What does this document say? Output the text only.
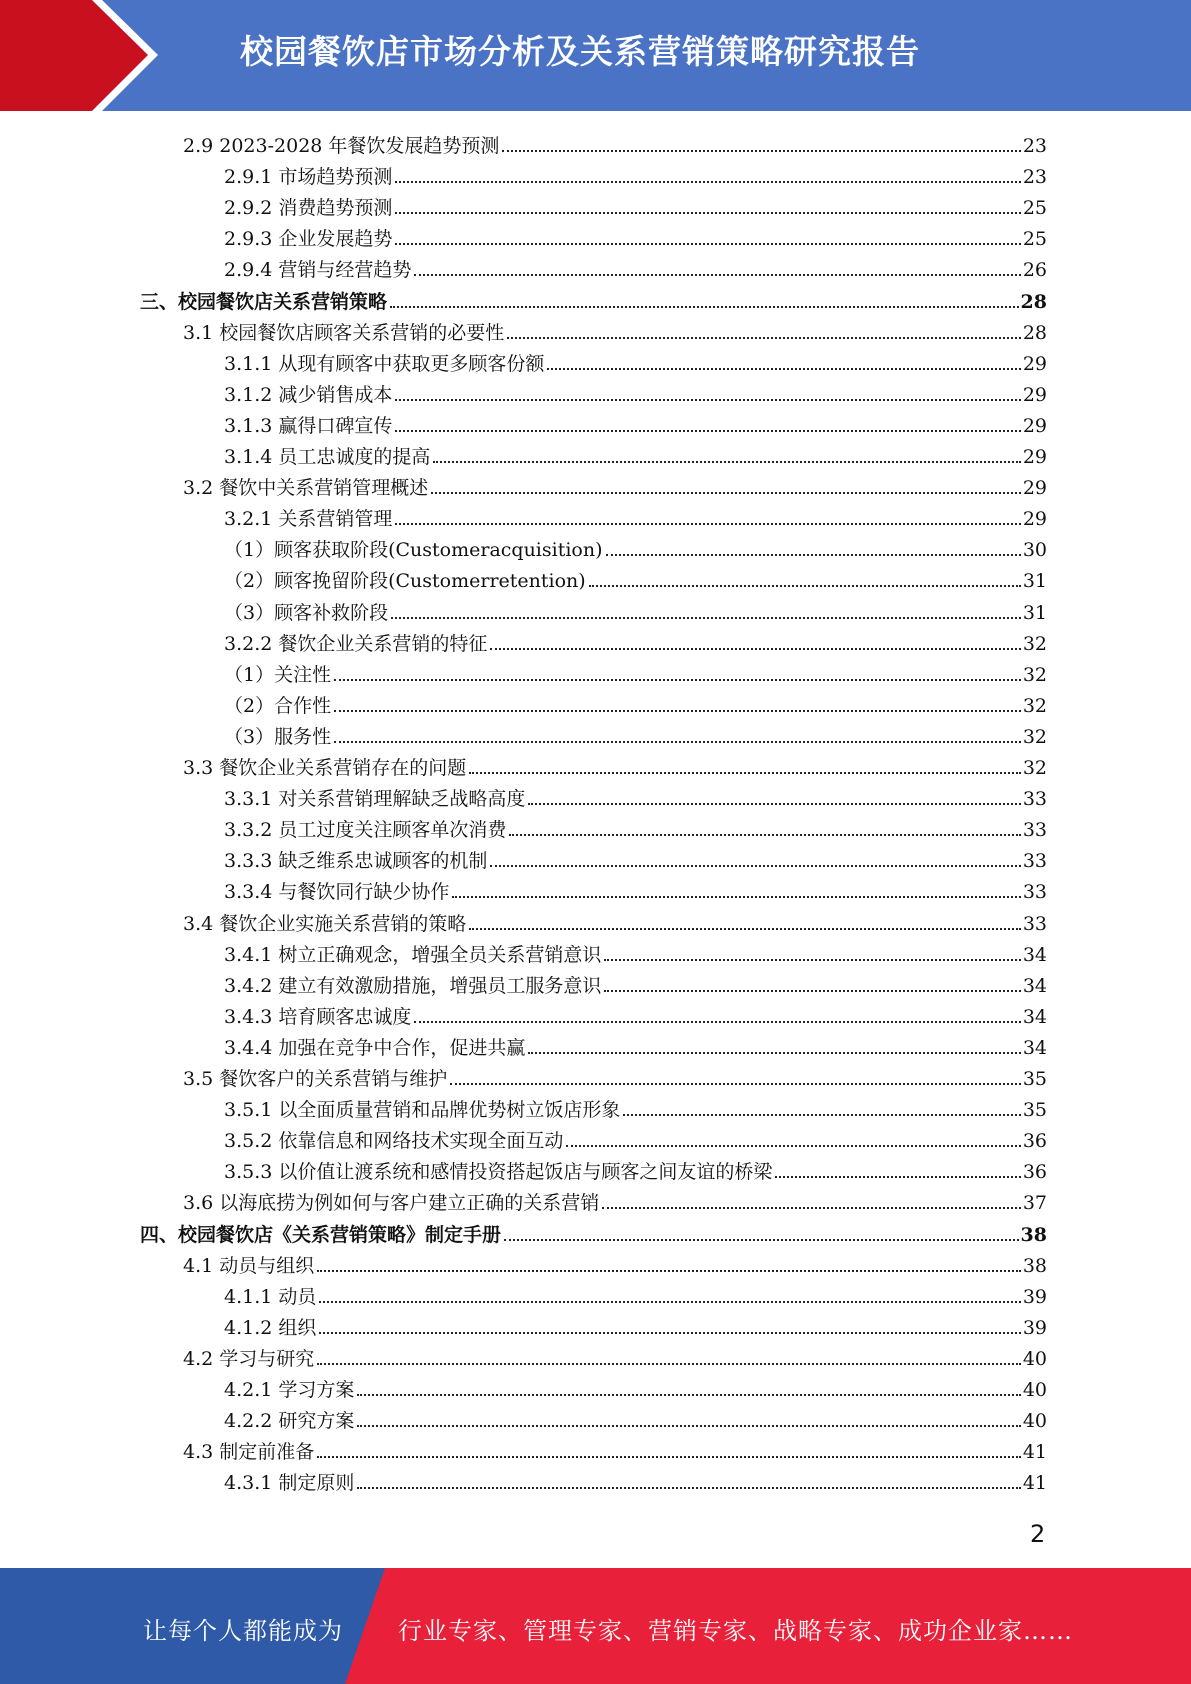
校园餐饮店市场分析及关系营销策略研究报告
2.9 2023-2028 年餐饮发展趋势预测	23
2.9.1 市场趋势预测	23
2.9.2 消费趋势预测	25
2.9.3 企业发展趋势	25
2.9.4 营销与经营趋势	26
三、校园餐饮店关系营销策略	28
3.1 校园餐饮店顾客关系营销的必要性	28
3.1.1 从现有顾客中获取更多顾客份额	29
3.1.2 减少销售成本	29
3.1.3 赢得口碑宣传	29
3.1.4 员工忠诚度的提高	29
3.2 餐饮中关系营销管理概述	29
3.2.1 关系营销管理	29
（1）顾客获取阶段(Customeracquisition)	30
（2）顾客挽留阶段(Customerretention)	31
（3）顾客补救阶段	31
3.2.2 餐饮企业关系营销的特征	32
（1）关注性	32
（2）合作性	32
（3）服务性	32
3.3 餐饮企业关系营销存在的问题	32
3.3.1 对关系营销理解缺乏战略高度	33
3.3.2 员工过度关注顾客单次消费	33
3.3.3 缺乏维系忠诚顾客的机制	33
3.3.4 与餐饮同行缺少协作	33
3.4 餐饮企业实施关系营销的策略	33
3.4.1 树立正确观念，增强全员关系营销意识	34
3.4.2 建立有效激励措施，增强员工服务意识	34
3.4.3 培育顾客忠诚度	34
3.4.4 加强在竞争中合作，促进共赢	34
3.5 餐饮客户的关系营销与维护	35
3.5.1 以全面质量营销和品牌优势树立饭店形象	35
3.5.2 依靠信息和网络技术实现全面互动	36
3.5.3 以价值让渡系统和感情投资搭起饭店与顾客之间友谊的桥梁	36
3.6 以海底捞为例如何与客户建立正确的关系营销	37
四、校园餐饮店《关系营销策略》制定手册	38
4.1 动员与组织	38
4.1.1 动员	39
4.1.2 组织	39
4.2 学习与研究	40
4.2.1 学习方案	40
4.2.2 研究方案	40
4.3 制定前准备	41
4.3.1 制定原则	41
2
让每个人都能成为 行业专家、管理专家、营销专家、战略专家、成功企业家……
